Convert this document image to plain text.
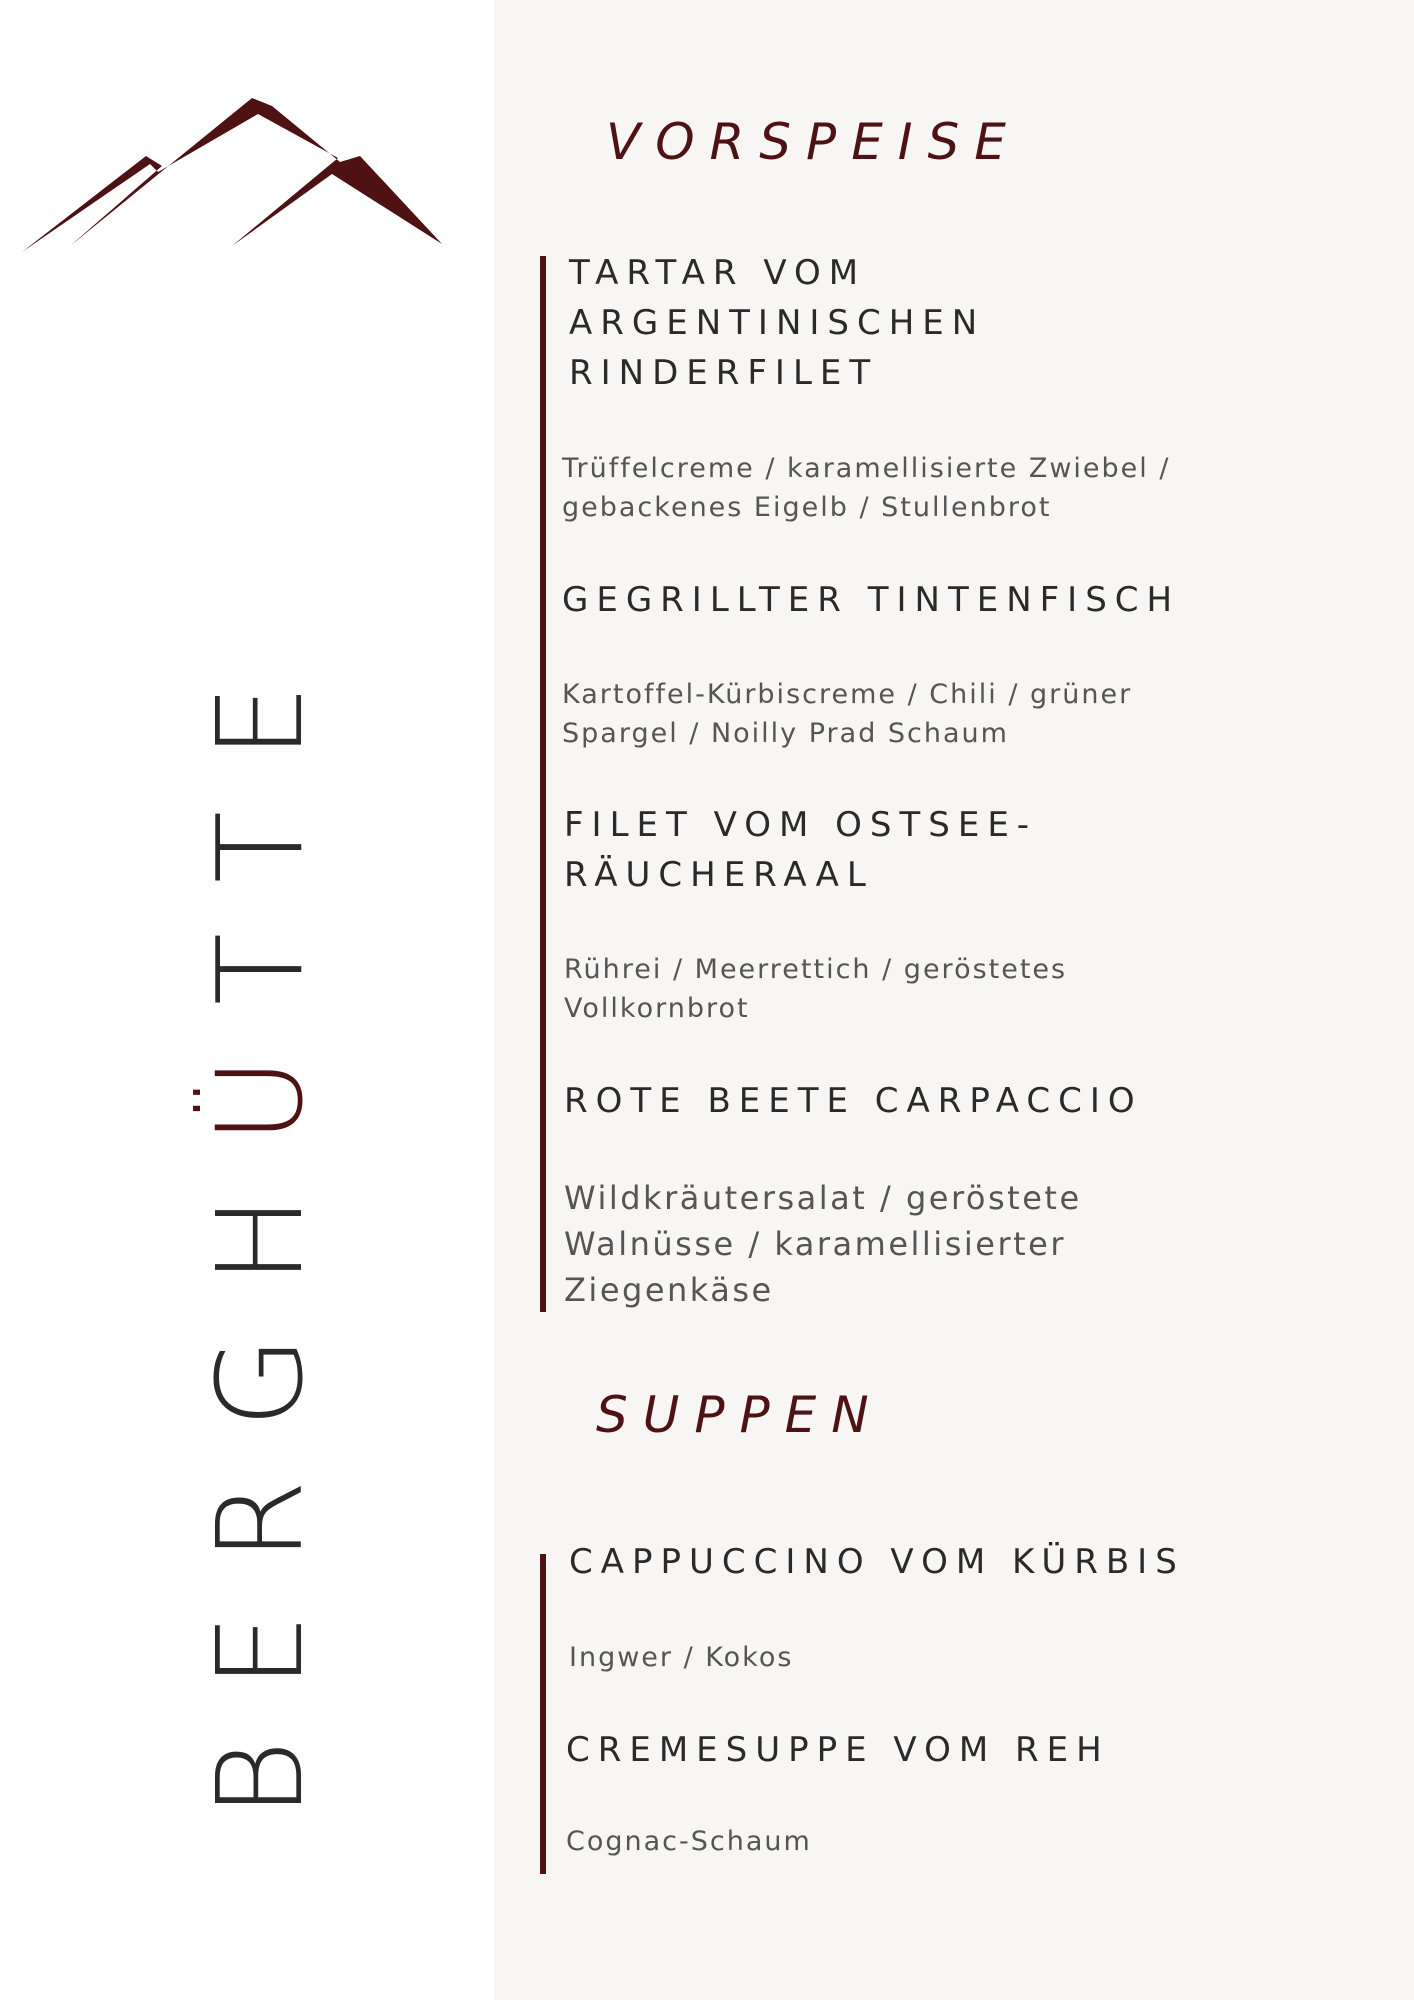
BERGHÜTTE
VORSPEISE
TARTAR VOM
ARGENTINISCHEN
RINDERFILET
Trüffelcreme / karamellisierte Zwiebel /
gebackenes Eigelb / Stullenbrot
GEGRILLTER TINTENFISCH
Kartoffel-Kürbiscreme / Chili / grüner
Spargel / Noilly Prad Schaum
FILET VOM OSTSEE-
RÄUCHERAAL
Rührei / Meerrettich / geröstetes
Vollkornbrot
ROTE BEETE CARPACCIO
Wildkräutersalat / geröstete
Walnüsse / karamellisierter
Ziegenkäse
SUPPEN
CAPPUCCINO VOM KÜRBIS
Ingwer / Kokos
CREMESUPPE VOM REH
Cognac-Schaum
